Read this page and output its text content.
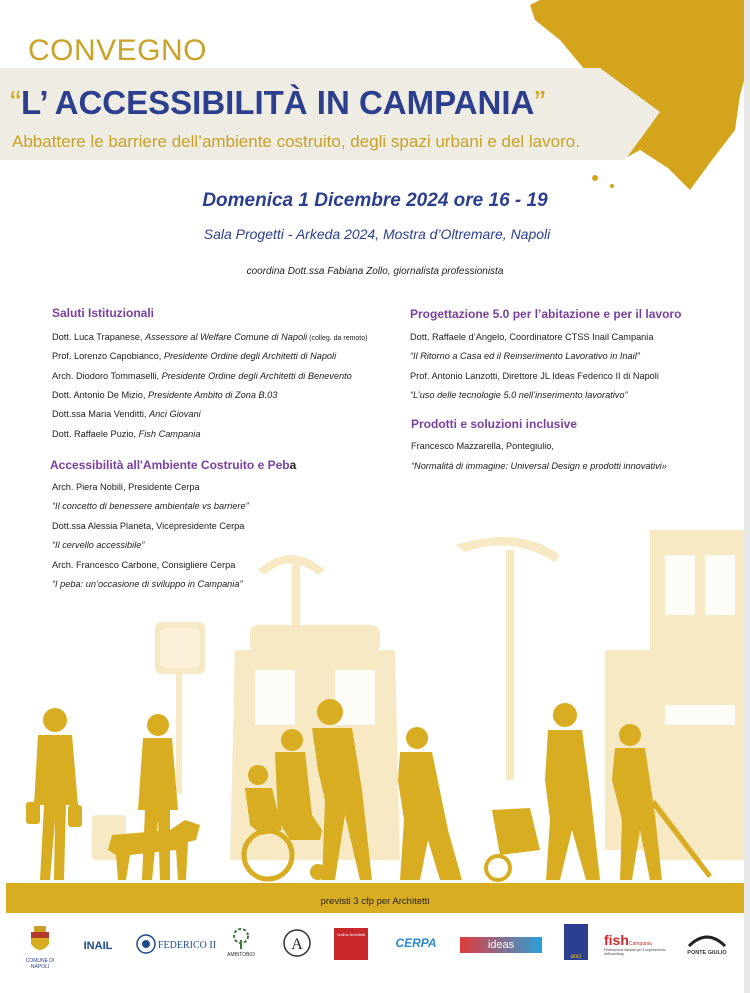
CONVEGNO
“L’ ACCESSIBILITÀ IN CAMPANIA”
Abbattere le barriere dell’ambiente costruito, degli spazi urbani e del lavoro.
Domenica 1 Dicembre 2024 ore 16 - 19
Sala Progetti - Arkeda 2024, Mostra d’Oltremare, Napoli
coordina Dott.ssa Fabiana Zollo, giornalista professionista
Saluti Istituzionali
Dott. Luca Trapanese, Assessore al Welfare Comune di Napoli (colleg. da remoto)
Prof. Lorenzo Capobianco, Presidente Ordine degli Architetti di Napoli
Arch. Diodoro Tommaselli, Presidente Ordine degli Architetti di Benevento
Dott. Antonio De Mizio, Presidente Ambito di Zona B.03
Dott.ssa Maria Venditti, Anci Giovani
Dott. Raffaele Puzio, Fish Campania
Accessibilità all'Ambiente Costruito e Peba
Arch. Piera Nobili, Presidente Cerpa
“Il concetto di benessere ambientale vs barriere”
Dott.ssa Alessia Planeta, Vicepresidente Cerpa
“Il cervello accessibile”
Arch. Francesco Carbone, Consigliere Cerpa
“I peba: un’occasione di sviluppo in Campania”
Progettazione 5.0 per l’abitazione e per il lavoro
Dott. Raffaele d’Angelo, Coordinatore CTSS Inail Campania
“Il Ritorno a Casa ed il Reinserimento Lavorativo in Inail”
Prof. Antonio Lanzotti, Direttore JL Ideas Federico II di Napoli
“L’uso delle tecnologie 5.0 nell’inserimento lavorativo”
Prodotti e soluzioni inclusive
Francesco Mazzarella, Pontegiulio,
“Normalità di immagine: Universal Design e prodotti innovativi»
previsti 3 cfp per Architetti
COMUNE DI NAPOLI
INAIL	FEDERICO II
AMBITOB03
A
Ordine Architetti
CERPA	ideas
anci
fishCampania
Federazione Italiana per il superamento dell'handicap	PONTE GIULIO
